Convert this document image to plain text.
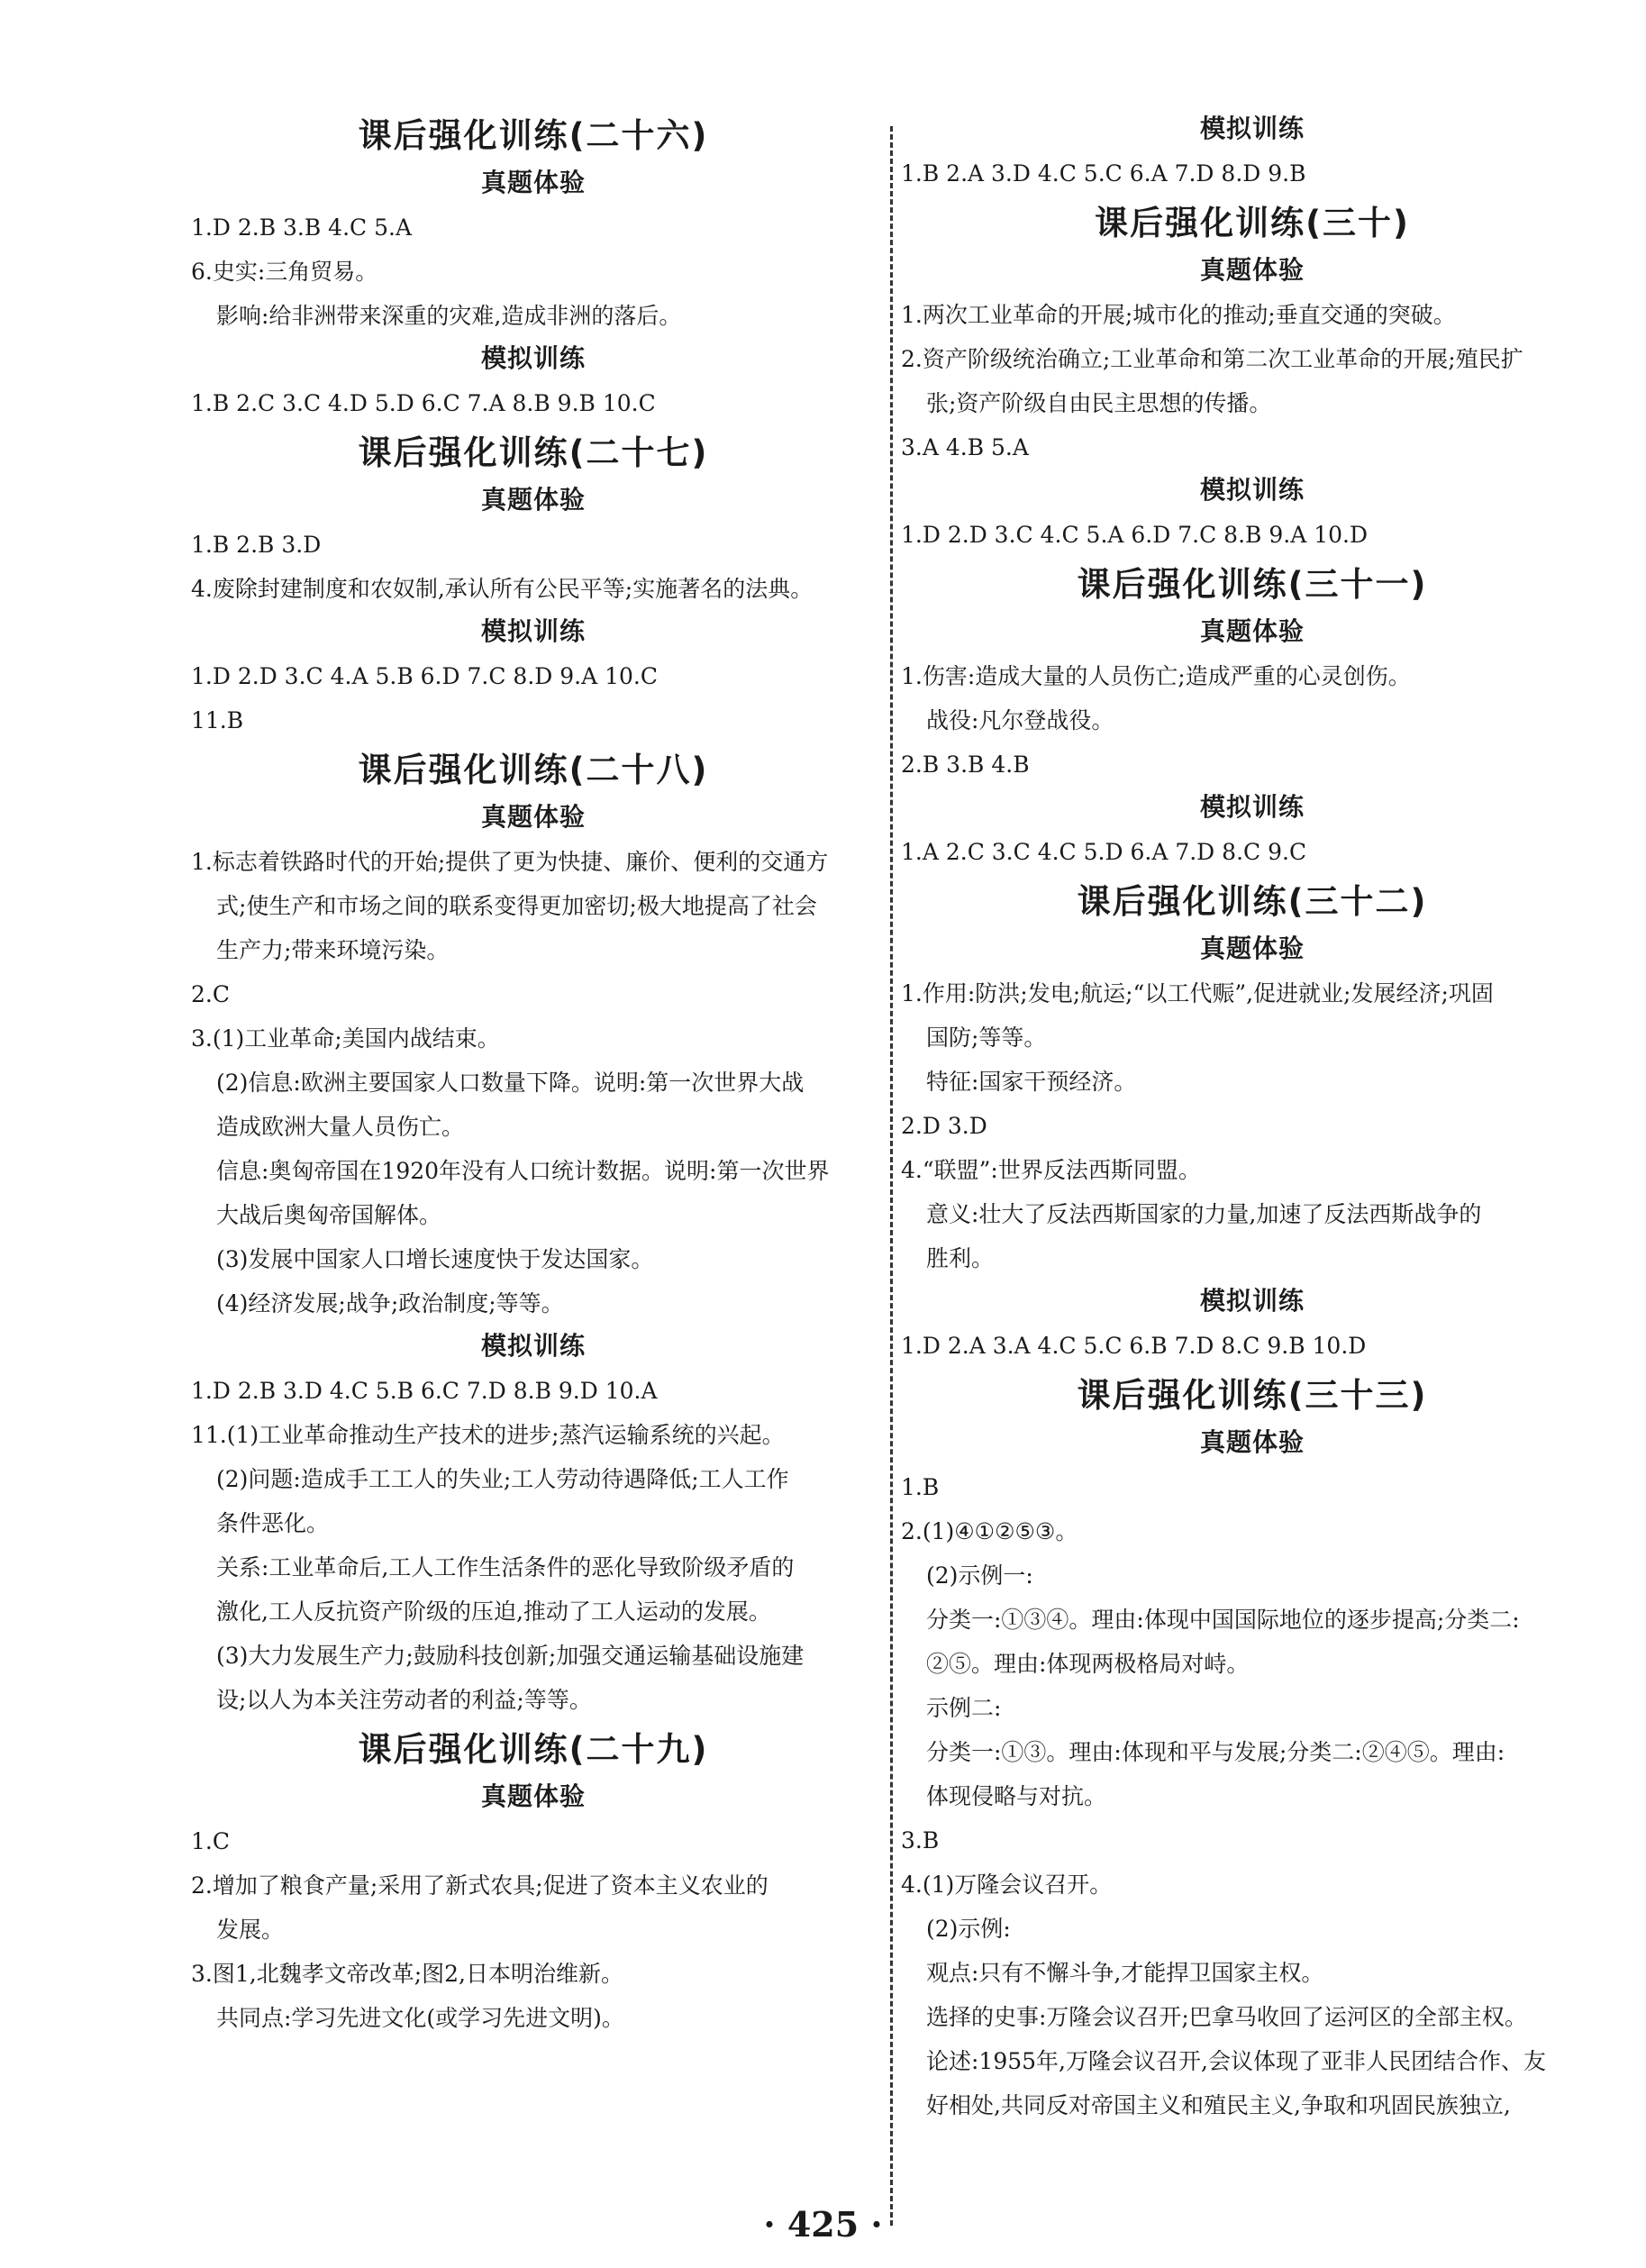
课后强化训练(二十六)
真题体验
1.D 2.B 3.B 4.C 5.A
6.史实:三角贸易。
影响:给非洲带来深重的灾难,造成非洲的落后。
模拟训练
1.B 2.C 3.C 4.D 5.D 6.C 7.A 8.B 9.B 10.C
课后强化训练(二十七)
真题体验
1.B 2.B 3.D
4.废除封建制度和农奴制,承认所有公民平等;实施著名的法典。
模拟训练
1.D 2.D 3.C 4.A 5.B 6.D 7.C 8.D 9.A 10.C
11.B
课后强化训练(二十八)
真题体验
1.标志着铁路时代的开始;提供了更为快捷、廉价、便利的交通方
式;使生产和市场之间的联系变得更加密切;极大地提高了社会
生产力;带来环境污染。
2.C
3.(1)工业革命;美国内战结束。
(2)信息:欧洲主要国家人口数量下降。说明:第一次世界大战
造成欧洲大量人员伤亡。
信息:奥匈帝国在1920年没有人口统计数据。说明:第一次世界
大战后奥匈帝国解体。
(3)发展中国家人口增长速度快于发达国家。
(4)经济发展;战争;政治制度;等等。
模拟训练
1.D 2.B 3.D 4.C 5.B 6.C 7.D 8.B 9.D 10.A
11.(1)工业革命推动生产技术的进步;蒸汽运输系统的兴起。
(2)问题:造成手工工人的失业;工人劳动待遇降低;工人工作
条件恶化。
关系:工业革命后,工人工作生活条件的恶化导致阶级矛盾的
激化,工人反抗资产阶级的压迫,推动了工人运动的发展。
(3)大力发展生产力;鼓励科技创新;加强交通运输基础设施建
设;以人为本关注劳动者的利益;等等。
课后强化训练(二十九)
真题体验
1.C
2.增加了粮食产量;采用了新式农具;促进了资本主义农业的
发展。
3.图1,北魏孝文帝改革;图2,日本明治维新。
共同点:学习先进文化(或学习先进文明)。
模拟训练
1.B 2.A 3.D 4.C 5.C 6.A 7.D 8.D 9.B
课后强化训练(三十)
真题体验
1.两次工业革命的开展;城市化的推动;垂直交通的突破。
2.资产阶级统治确立;工业革命和第二次工业革命的开展;殖民扩
张;资产阶级自由民主思想的传播。
3.A 4.B 5.A
模拟训练
1.D 2.D 3.C 4.C 5.A 6.D 7.C 8.B 9.A 10.D
课后强化训练(三十一)
真题体验
1.伤害:造成大量的人员伤亡;造成严重的心灵创伤。
战役:凡尔登战役。
2.B 3.B 4.B
模拟训练
1.A 2.C 3.C 4.C 5.D 6.A 7.D 8.C 9.C
课后强化训练(三十二)
真题体验
1.作用:防洪;发电;航运;“以工代赈”,促进就业;发展经济;巩固
国防;等等。
特征:国家干预经济。
2.D 3.D
4.“联盟”:世界反法西斯同盟。
意义:壮大了反法西斯国家的力量,加速了反法西斯战争的
胜利。
模拟训练
1.D 2.A 3.A 4.C 5.C 6.B 7.D 8.C 9.B 10.D
课后强化训练(三十三)
真题体验
1.B
2.(1)④①②⑤③。
(2)示例一:
分类一:①③④。理由:体现中国国际地位的逐步提高;分类二:
②⑤。理由:体现两极格局对峙。
示例二:
分类一:①③。理由:体现和平与发展;分类二:②④⑤。理由:
体现侵略与对抗。
3.B
4.(1)万隆会议召开。
(2)示例:
观点:只有不懈斗争,才能捍卫国家主权。
选择的史事:万隆会议召开;巴拿马收回了运河区的全部主权。
论述:1955年,万隆会议召开,会议体现了亚非人民团结合作、友
好相处,共同反对帝国主义和殖民主义,争取和巩固民族独立,
· 425 ·
